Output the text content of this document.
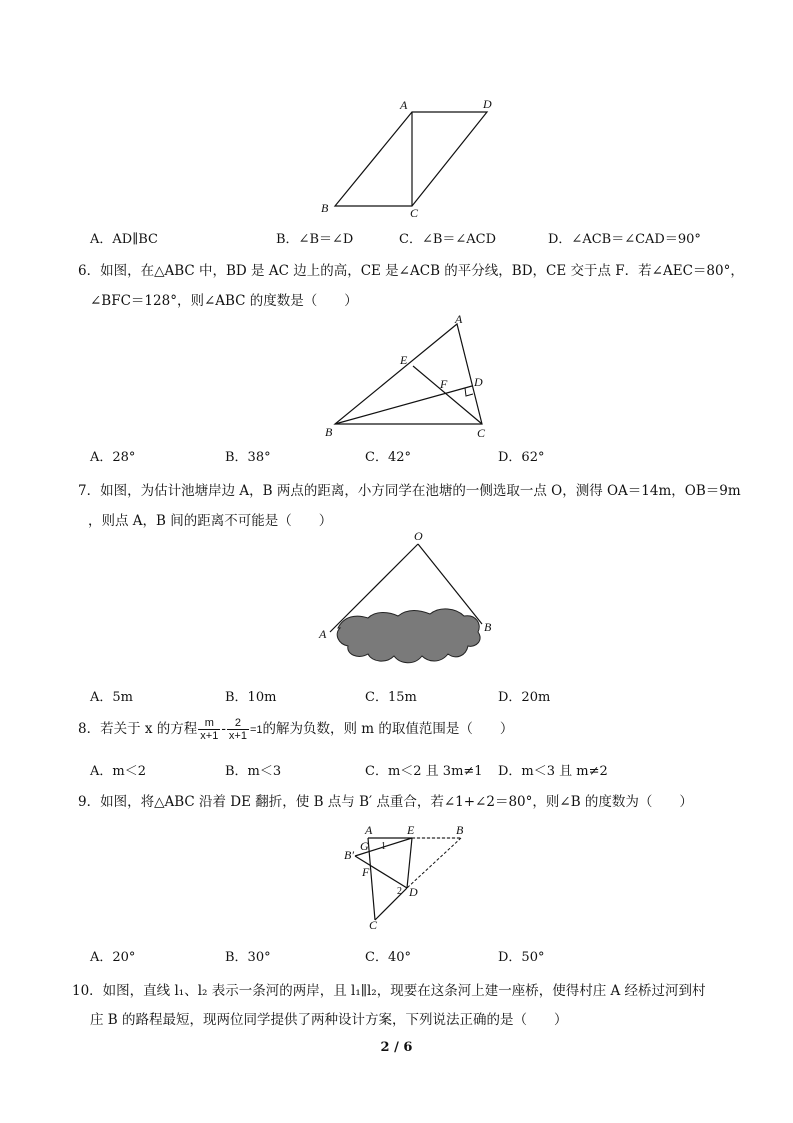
A	D
B	C
A．AD∥BC	B．∠B＝∠D	C．∠B＝∠ACD	D．∠ACB＝∠CAD＝90°
6．如图，在△ABC 中，BD 是 AC 边上的高，CE 是∠ACB 的平分线，BD，CE 交于点 F．若∠AEC＝80°，
∠BFC＝128°，则∠ABC 的度数是（　　）
A
E
F D
B	C
A．28°	B．38°	C．42°	D．62°
7．如图，为估计池塘岸边 A，B 两点的距离，小方同学在池塘的一侧选取一点 O，测得 OA＝14m，OB＝9m
，则点 A，B 间的距离不可能是（　　）
O
A	B
A．5m	B．10m	C．15m	D．20m
8．若关于 x 的方程 $\frac{m}{x+1} - \frac{2}{x+1} =1$的解为负数，则 m 的取值范围是（　　）
A．m＜2	B．m＜3	C．m＜2 且 3m≠1 D．m＜3 且 m≠2
9．如图，将△ABC 沿着 DE 翻折，使 B 点与 B′ 点重合，若∠1+∠2＝80°，则∠B 的度数为（　　）
A	E	B
B′
G 1
F
2 D
C
A．20°	B．30°	C．40°	D．50°
10．如图，直线 l₁、l₂ 表示一条河的两岸，且 l₁∥l₂，现要在这条河上建一座桥，使得村庄 A 经桥过河到村
庄 B 的路程最短，现两位同学提供了两种设计方案，下列说法正确的是（　　）
2 / 6
